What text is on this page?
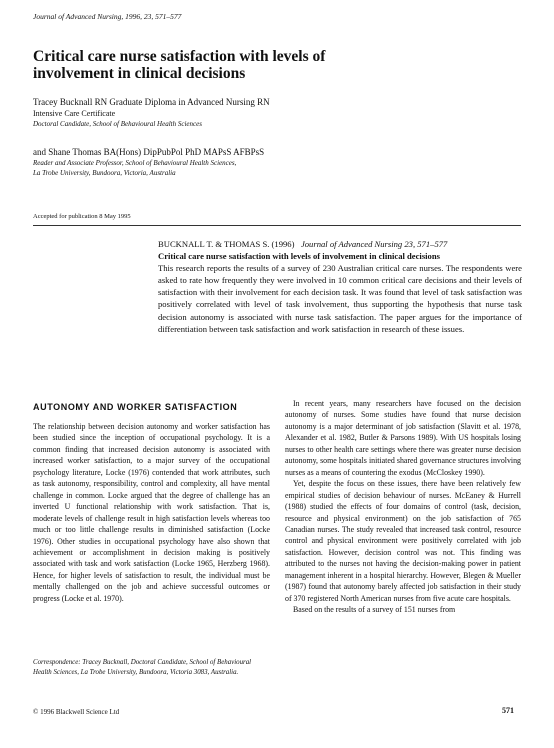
Journal of Advanced Nursing, 1996, 23, 571–577
Critical care nurse satisfaction with levels of involvement in clinical decisions
Tracey Bucknall RN Graduate Diploma in Advanced Nursing RN
Intensive Care Certificate
Doctoral Candidate, School of Behavioural Health Sciences
and Shane Thomas BA(Hons) DipPubPol PhD MAPsS AFBPsS
Reader and Associate Professor, School of Behavioural Health Sciences,
La Trobe University, Bundoora, Victoria, Australia
Accepted for publication 8 May 1995
BUCKNALL T. & THOMAS S. (1996) Journal of Advanced Nursing 23, 571–577
Critical care nurse satisfaction with levels of involvement in clinical decisions
This research reports the results of a survey of 230 Australian critical care nurses. The respondents were asked to rate how frequently they were involved in 10 common critical care decisions and their levels of satisfaction with their involvement for each decision task. It was found that level of task satisfaction was positively correlated with level of task involvement, thus supporting the hypothesis that nurse task decision autonomy is associated with nurse task satisfaction. The paper argues for the importance of differentiation between task satisfaction and work satisfaction in research of these issues.
AUTONOMY AND WORKER SATISFACTION

The relationship between decision autonomy and worker satisfaction has been studied since the inception of occupational psychology. It is a common finding that increased decision autonomy is associated with increased worker satisfaction, to a major survey of the occupational psychology literature, Locke (1976) contended that work attributes, such as task autonomy, responsibility, control and complexity, all have mental challenge in common. Locke argued that the degree of challenge has an inverted U functional relationship with work satisfaction. That is, moderate levels of challenge result in high satisfaction levels whereas too much or too little challenge results in diminished satisfaction (Locke 1976). Other studies in occupational psychology have also shown that achievement or accomplishment in decision making is positively associated with task and work satisfaction (Locke 1965, Herzberg 1968). Hence, for higher levels of satisfaction to result, the individual must be mentally challenged on the job and achieve successful outcomes or progress (Locke et al. 1970).

Correspondence: Tracey Bucknall, Doctoral Candidate, School of Behavioural Health Sciences, La Trobe University, Bundoora, Victoria 3083, Australia.

In recent years, many researchers have focused on the decision autonomy of nurses. Some studies have found that nurse decision autonomy is a major determinant of job satisfaction (Slavitt et al. 1978, Alexander et al. 1982, Butler & Parsons 1989). With US hospitals losing nurses to other health care settings where there was greater nurse decision autonomy, some hospitals initiated shared governance structures involving nurses as a means of countering the exodus (McCloskey 1990).

Yet, despite the focus on these issues, there have been relatively few empirical studies of decision behaviour of nurses. McEaney & Hurrell (1988) studied the effects of four domains of control (task, decision, resource and physical environment) on the job satisfaction of 765 Canadian nurses. The study revealed that increased task control, resource control and physical environment were positively correlated with job satisfaction. However, decision control was not. This finding was attributed to the nurses not having the decision-making power in patient management inherent in a hospital hierarchy. However, Blegen & Mueller (1987) found that autonomy barely affected job satisfaction in their study of 370 registered North American nurses from five acute care hospitals.

Based on the results of a survey of 151 nurses from

© 1996 Blackwell Science Ltd	571
